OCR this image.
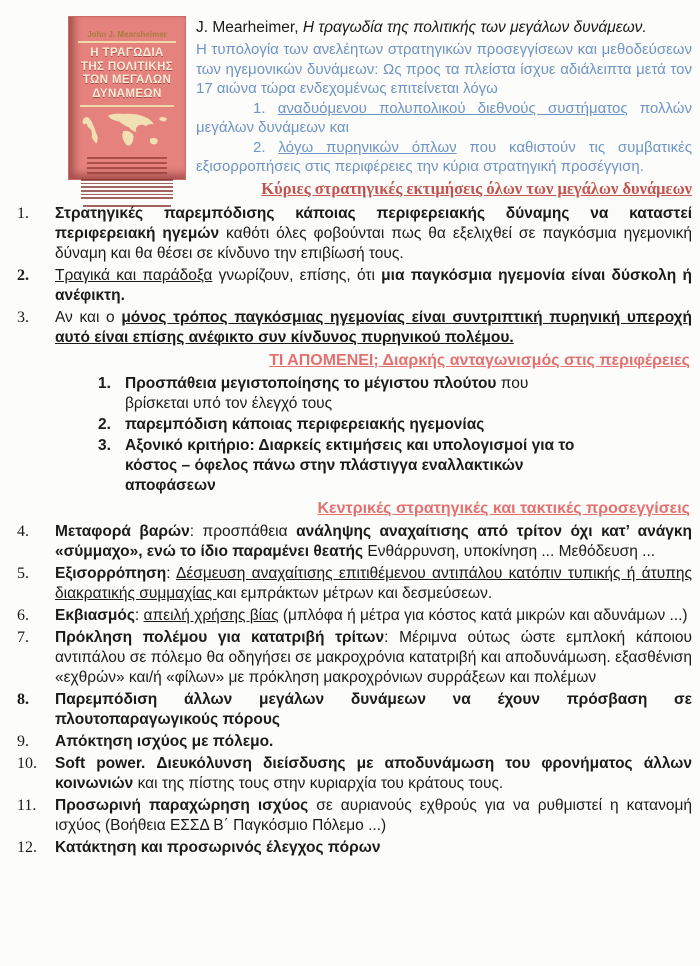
John J. Mearsheimer
Η ΤΡΑΓΩΔΙΑ
ΤΗΣ ΠΟΛΙΤΙΚΗΣ
ΤΩΝ ΜΕΓΑΛΩΝ
ΔΥΝΑΜΕΩΝ

J. Mearheimer, Η τραγωδία της πολιτικής των μεγάλων δυνάμεων.

Η τυπολογία των ανελέητων στρατηγικών προσεγγίσεων και μεθοδεύσεων των ηγεμονικών δυνάμεων: Ως προς τα πλείστα ίσχυε αδιάλειπτα μετά τον 17 αιώνα τώρα ενδεχομένως επιτείνεται λόγω

1. αναδυόμενου πολυπολικού διεθνούς συστήματος πολλών μεγάλων δυνάμεων και

2. λόγω πυρηνικών όπλων που καθιστούν τις συμβατικές εξισορροπήσεις στις περιφέρειες την κύρια στρατηγική προσέγγιση.

Κύριες στρατηγικές εκτιμήσεις όλων των μεγάλων δυνάμεων
1.	Στρατηγικές παρεμπόδισης κάποιας περιφερειακής δύναμης να καταστεί περιφερειακή ηγεμών καθότι όλες φοβούνται πως θα εξελιχθεί σε παγκόσμια ηγεμονική δύναμη και θα θέσει σε κίνδυνο την επιβίωσή τους.
2.	Τραγικά και παράδοξα γνωρίζουν, επίσης, ότι μια παγκόσμια ηγεμονία είναι δύσκολη ή ανέφικτη.
3.	Αν και ο μόνος τρόπος παγκόσμιας ηγεμονίας είναι συντριπτική πυρηνική υπεροχή αυτό είναι επίσης ανέφικτο συν κίνδυνος πυρηνικού πολέμου.
ΤΙ ΑΠΟΜΕΝΕΙ; Διαρκής ανταγωνισμός στις περιφέρειες
1. Προσπάθεια μεγιστοποίησης το μέγιστου πλούτου που βρίσκεται υπό τον έλεγχό τους
2. παρεμπόδιση κάποιας περιφερειακής ηγεμονίας
3. Αξονικό κριτήριο: Διαρκείς εκτιμήσεις και υπολογισμοί για το κόστος – όφελος πάνω στην πλάστιγγα εναλλακτικών αποφάσεων
Κεντρικές στρατηγικές και τακτικές προσεγγίσεις
4.	Μεταφορά βαρών: προσπάθεια ανάληψης αναχαίτισης από τρίτον όχι κατ’ ανάγκη «σύμμαχο», ενώ το ίδιο παραμένει θεατής Ενθάρρυνση, υποκίνηση ... Μεθόδευση ...
5.	Εξισορρόπηση: Δέσμευση αναχαίτισης επιτιθέμενου αντιπάλου κατόπιν τυπικής ή άτυπης διακρατικής συμμαχίας και εμπράκτων μέτρων και δεσμεύσεων.
6.	Εκβιασμός: απειλή χρήσης βίας (μπλόφα ή μέτρα για κόστος κατά μικρών και αδυνάμων ...)
7.	Πρόκληση πολέμου για κατατριβή τρίτων: Μέριμνα ούτως ώστε εμπλοκή κάποιου αντιπάλου σε πόλεμο θα οδηγήσει σε μακροχρόνια κατατριβή και αποδυνάμωση. εξασθένιση «εχθρών» και/ή «φίλων» με πρόκληση μακροχρόνιων συρράξεων και πολέμων
8.	Παρεμπόδιση άλλων μεγάλων δυνάμεων να έχουν πρόσβαση σε πλουτοπαραγωγικούς πόρους
9.	Απόκτηση ισχύος με πόλεμο.
10.	Soft power. Διευκόλυνση διείσδυσης με αποδυνάμωση του φρονήματος άλλων κοινωνιών και της πίστης τους στην κυριαρχία του κράτους τους.
11.	Προσωρινή παραχώρηση ισχύος σε αυριανούς εχθρούς για να ρυθμιστεί η κατανομή ισχύος (Βοήθεια ΕΣΣΔ Β΄ Παγκόσμιο Πόλεμο ...)
12.	Κατάκτηση και προσωρινός έλεγχος πόρων
